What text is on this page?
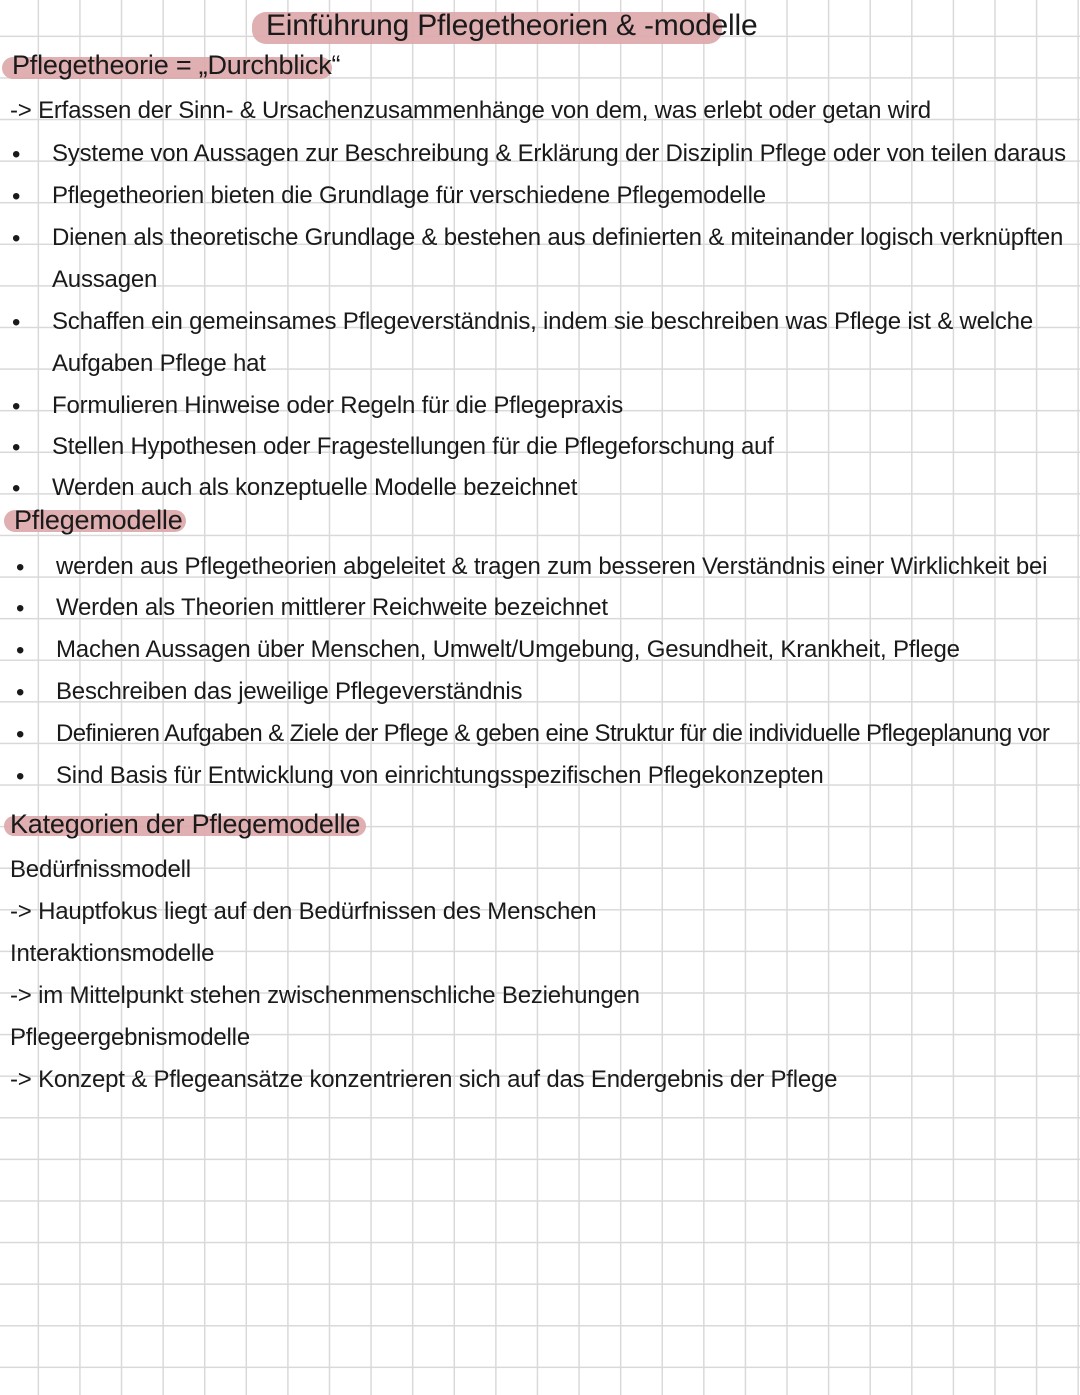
Einführung Pflegetheorien & -modelle
Pflegetheorie = „Durchblick“
-> Erfassen der Sinn- & Ursachenzusammenhänge von dem, was erlebt oder getan wird
• Systeme von Aussagen zur Beschreibung & Erklärung der Disziplin Pflege oder von teilen daraus
• Pflegetheorien bieten die Grundlage für verschiedene Pflegemodelle
• Dienen als theoretische Grundlage & bestehen aus definierten & miteinander logisch verknüpften
Aussagen
• Schaffen ein gemeinsames Pflegeverständnis, indem sie beschreiben was Pflege ist & welche
Aufgaben Pflege hat
• Formulieren Hinweise oder Regeln für die Pflegepraxis
• Stellen Hypothesen oder Fragestellungen für die Pflegeforschung auf
• Werden auch als konzeptuelle Modelle bezeichnet
Pflegemodelle
• werden aus Pflegetheorien abgeleitet & tragen zum besseren Verständnis einer Wirklichkeit bei
• Werden als Theorien mittlerer Reichweite bezeichnet
• Machen Aussagen über Menschen, Umwelt/Umgebung, Gesundheit, Krankheit, Pflege
• Beschreiben das jeweilige Pflegeverständnis
• Definieren Aufgaben & Ziele der Pflege & geben eine Struktur für die individuelle Pflegeplanung vor
• Sind Basis für Entwicklung von einrichtungsspezifischen Pflegekonzepten
Kategorien der Pflegemodelle
Bedürfnissmodell
-> Hauptfokus liegt auf den Bedürfnissen des Menschen
Interaktionsmodelle
-> im Mittelpunkt stehen zwischenmenschliche Beziehungen
Pflegeergebnismodelle
-> Konzept & Pflegeansätze konzentrieren sich auf das Endergebnis der Pflege
